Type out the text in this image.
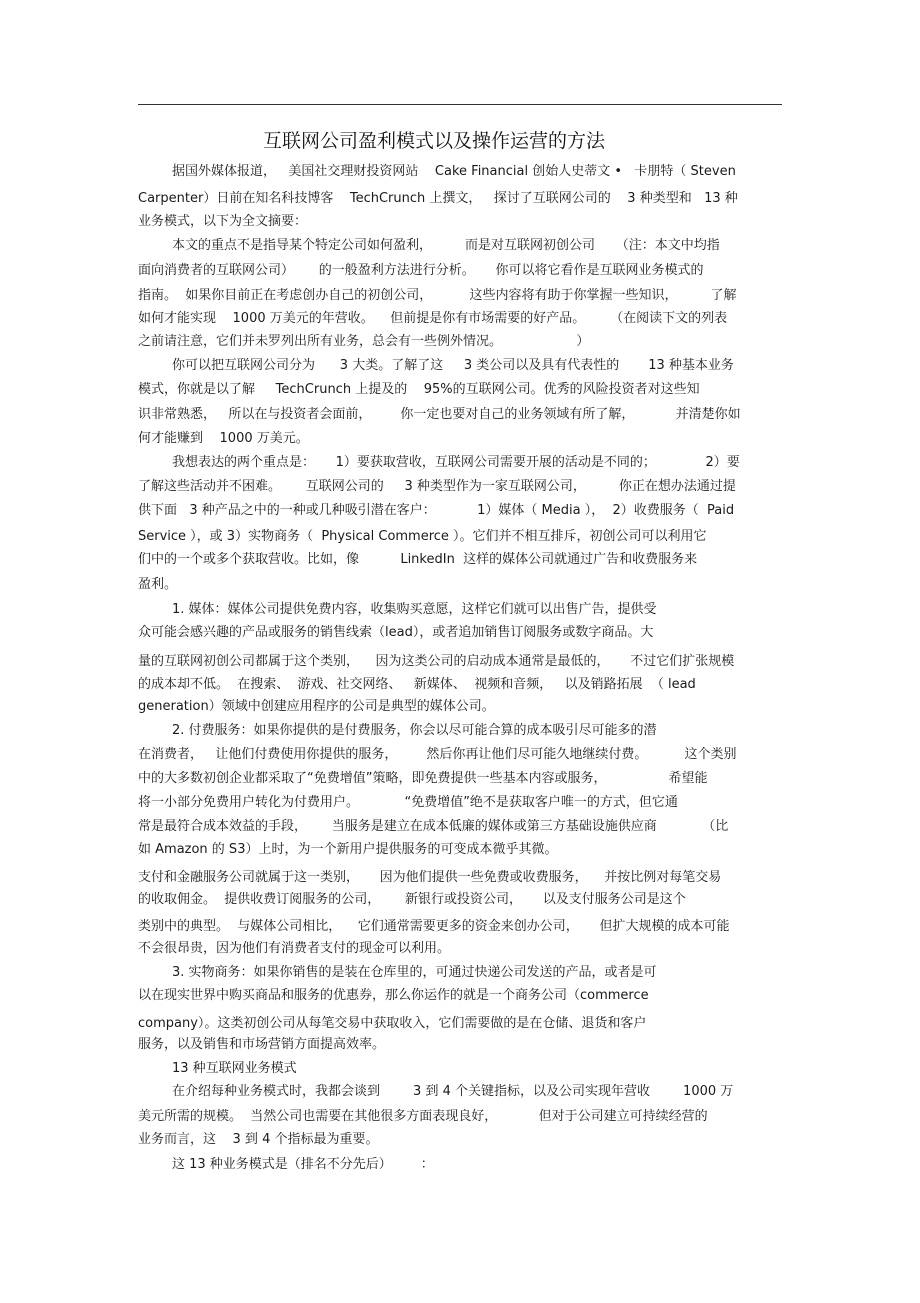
互联网公司盈利模式以及操作运营的方法
据国外媒体报道，   美国社交理财投资网站    Cake Financial 创始人史蒂文 •   卡朋特（ Steven
Carpenter）日前在知名科技博客    TechCrunch 上撰文，   探讨了互联网公司的    3 种类型和   13 种
业务模式，以下为全文摘要：
本文的重点不是指导某个特定公司如何盈利，        而是对互联网初创公司     （注：本文中均指
面向消费者的互联网公司）      的一般盈利方法进行分析。     你可以将它看作是互联网业务模式的
指南。  如果你目前正在考虑创办自己的初创公司，         这些内容将有助于你掌握一些知识，        了解
如何才能实现    1000 万美元的年营收。    但前提是你有市场需要的好产品。      （在阅读下文的列表
之前请注意，它们并未罗列出所有业务，总会有一些例外情况。                  ）
你可以把互联网公司分为      3 大类。了解了这     3 类公司以及具有代表性的       13 种基本业务
模式，你就是以了解     TechCrunch 上提及的    95%的互联网公司。优秀的风险投资者对这些知
识非常熟悉，   所以在与投资者会面前，       你一定也要对自己的业务领域有所了解，          并清楚你如
何才能赚到    1000 万美元。
我想表达的两个重点是：     1）要获取营收，互联网公司需要开展的活动是不同的；            2）要
了解这些活动并不困难。      互联网公司的     3 种类型作为一家互联网公司，        你正在想办法通过提
供下面   3 种产品之中的一种或几种吸引潜在客户：          1）媒体（ Media ），  2）收费服务（  Paid
Service ），或 3）实物商务（  Physical Commerce ）。它们并不相互排斥，初创公司可以利用它
们中的一个或多个获取营收。比如，像          LinkedIn  这样的媒体公司就通过广告和收费服务来
盈利。
1. 媒体：媒体公司提供免费内容，收集购买意愿，这样它们就可以出售广告，提供受
众可能会感兴趣的产品或服务的销售线索（lead），或者追加销售订阅服务或数字商品。大
量的互联网初创公司都属于这个类别，    因为这类公司的启动成本通常是最低的，     不过它们扩张规模
的成本却不低。  在搜索、  游戏、社交网络、   新媒体、  视频和音频，   以及销路拓展  （ lead
generation）领域中创建应用程序的公司是典型的媒体公司。
2. 付费服务：如果你提供的是付费服务，你会以尽可能合算的成本吸引尽可能多的潜
在消费者，   让他们付费使用你提供的服务，       然后你再让他们尽可能久地继续付费。         这个类别
中的大多数初创企业都采取了“免费增值”策略，即免费提供一些基本内容或服务，               希望能
将一小部分免费用户转化为付费用户。           “免费增值”绝不是获取客户唯一的方式，但它通
常是最符合成本效益的手段，      当服务是建立在成本低廉的媒体或第三方基础设施供应商           （比
如 Amazon 的 S3）上时，为一个新用户提供服务的可变成本微乎其微。
支付和金融服务公司就属于这一类别，     因为他们提供一些免费或收费服务，    并按比例对每笔交易
的收取佣金。  提供收费订阅服务的公司，      新银行或投资公司，     以及支付服务公司是这个
类别中的典型。  与媒体公司相比，    它们通常需要更多的资金来创办公司，     但扩大规模的成本可能
不会很昂贵，因为他们有消费者支付的现金可以利用。
3. 实物商务：如果你销售的是装在仓库里的，可通过快递公司发送的产品，或者是可
以在现实世界中购买商品和服务的优惠券，那么你运作的就是一个商务公司（commerce
company）。这类初创公司从每笔交易中获取收入，它们需要做的是在仓储、退货和客户
服务，以及销售和市场营销方面提高效率。
13 种互联网业务模式
在介绍每种业务模式时，我都会谈到        3 到 4 个关键指标，以及公司实现年营收        1000 万
美元所需的规模。  当然公司也需要在其他很多方面表现良好，          但对于公司建立可持续经营的
业务而言，这    3 到 4 个指标最为重要。
这 13 种业务模式是（排名不分先后）       ：
